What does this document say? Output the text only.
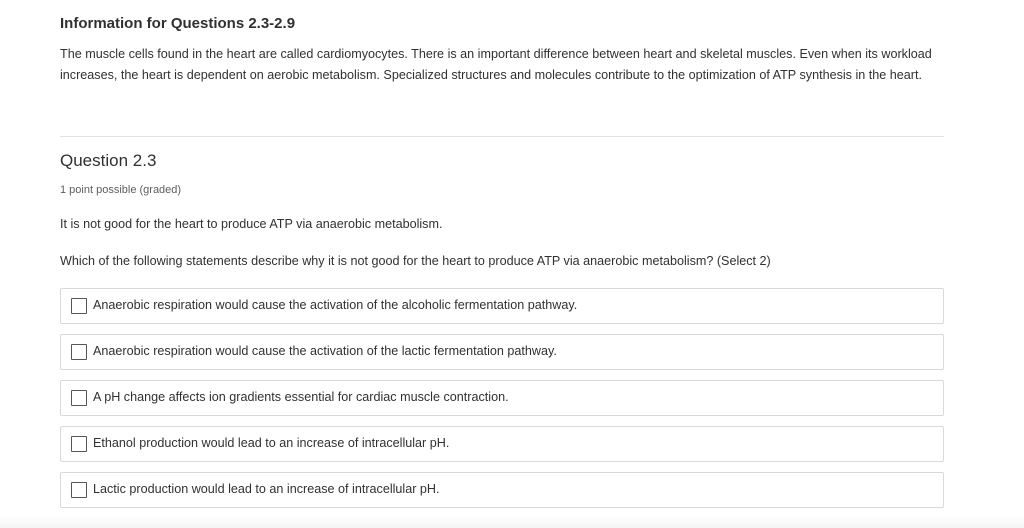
Information for Questions 2.3-2.9

The muscle cells found in the heart are called cardiomyocytes. There is an important difference between heart and skeletal muscles. Even when its workload increases, the heart is dependent on aerobic metabolism. Specialized structures and molecules contribute to the optimization of ATP synthesis in the heart.

Question 2.3
1 point possible (graded)

It is not good for the heart to produce ATP via anaerobic metabolism.

Which of the following statements describe why it is not good for the heart to produce ATP via anaerobic metabolism? (Select 2)

Anaerobic respiration would cause the activation of the alcoholic fermentation pathway.
Anaerobic respiration would cause the activation of the lactic fermentation pathway.
A pH change affects ion gradients essential for cardiac muscle contraction.
Ethanol production would lead to an increase of intracellular pH.
Lactic production would lead to an increase of intracellular pH.
